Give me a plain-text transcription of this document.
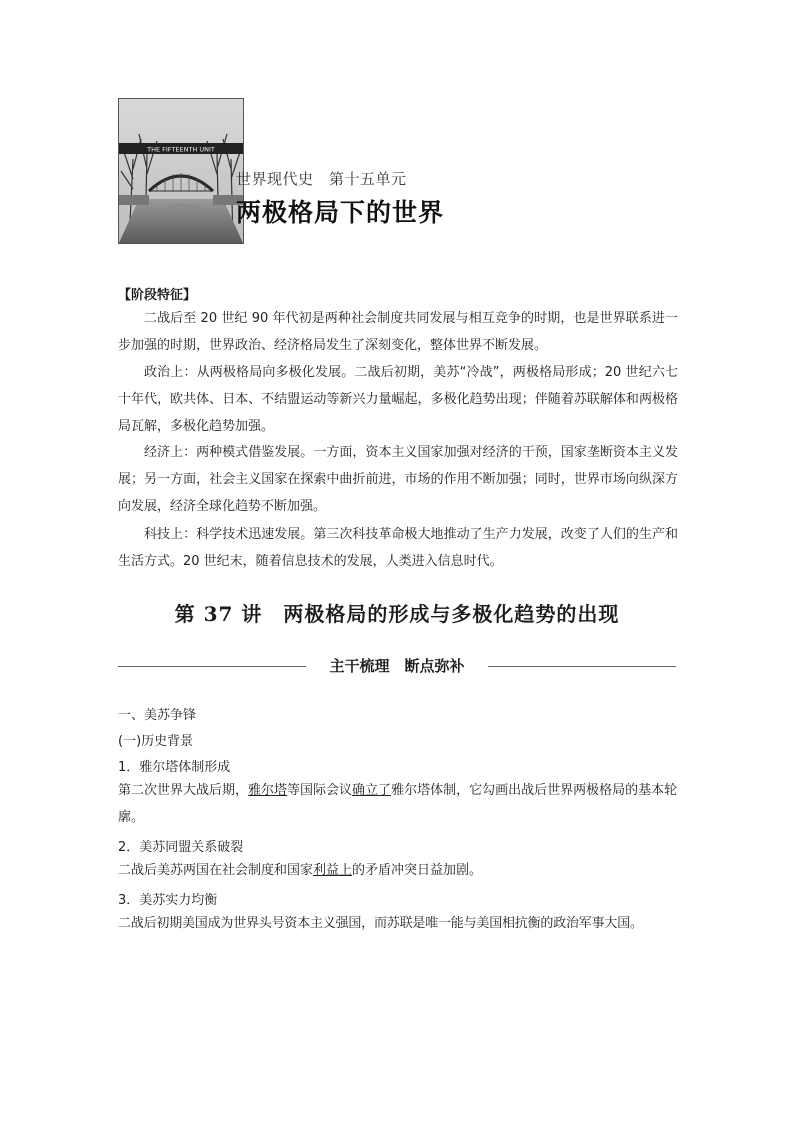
THE FIFTEENTH UNIT
世界现代史　第十五单元
两极格局下的世界
【阶段特征】

二战后至 20 世纪 90 年代初是两种社会制度共同发展与相互竞争的时期，也是世界联系进一步加强的时期，世界政治、经济格局发生了深刻变化，整体世界不断发展。

政治上：从两极格局向多极化发展。二战后初期，美苏“冷战”，两极格局形成；20 世纪六七十年代，欧共体、日本、不结盟运动等新兴力量崛起，多极化趋势出现；伴随着苏联解体和两极格局瓦解，多极化趋势加强。

经济上：两种模式借鉴发展。一方面，资本主义国家加强对经济的干预，国家垄断资本主义发展；另一方面，社会主义国家在探索中曲折前进，市场的作用不断加强；同时，世界市场向纵深方向发展，经济全球化趋势不断加强。

科技上：科学技术迅速发展。第三次科技革命极大地推动了生产力发展，改变了人们的生产和生活方式。20 世纪末，随着信息技术的发展，人类进入信息时代。

第 37 讲　两极格局的形成与多极化趋势的出现
主干梳理　断点弥补
一、美苏争锋
(一)历史背景
1．雅尔塔体制形成

第二次世界大战后期，雅尔塔等国际会议确立了雅尔塔体制，它勾画出战后世界两极格局的基本轮廓。

2．美苏同盟关系破裂

二战后美苏两国在社会制度和国家利益上的矛盾冲突日益加剧。

3．美苏实力均衡

二战后初期美国成为世界头号资本主义强国，而苏联是唯一能与美国相抗衡的政治军事大国。
